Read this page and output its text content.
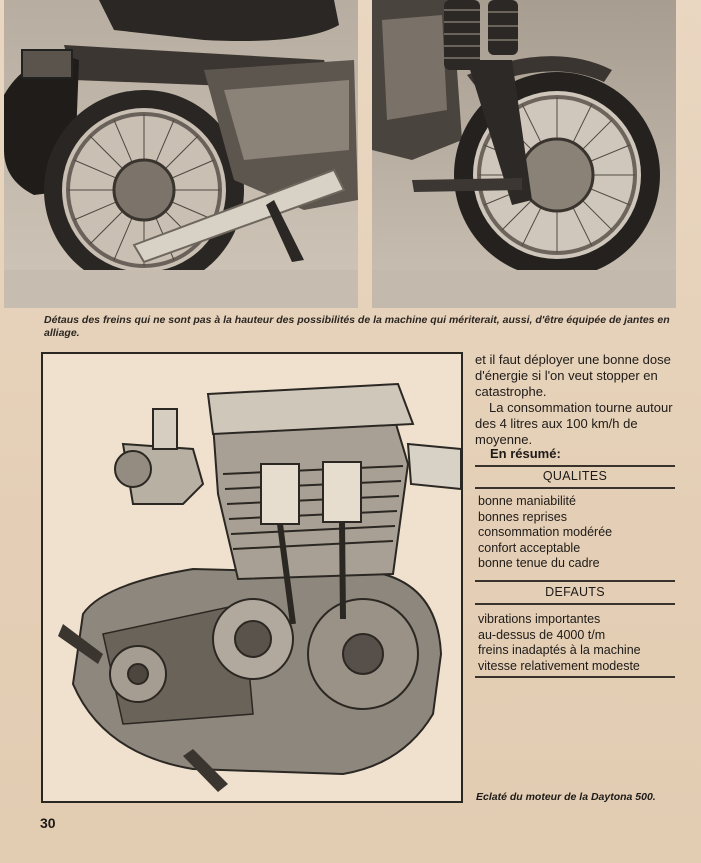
Détaus des freins qui ne sont pas à la hauteur des possibilités de la machine qui mériterait, aussi, d'être équipée de jantes en alliage.

et il faut déployer une bonne dose d'énergie si l'on veut stopper en catastrophe.

La consommation tourne autour des 4 litres aux 100 km/h de moyenne.

En résumé:
QUALITES
bonne maniabilité
bonnes reprises
consommation modérée
confort acceptable
bonne tenue du cadre
DEFAUTS
vibrations importantes
au-dessus de 4000 t/m
freins inadaptés à la machine
vitesse relativement modeste
Eclaté du moteur de la Daytona 500.
30
